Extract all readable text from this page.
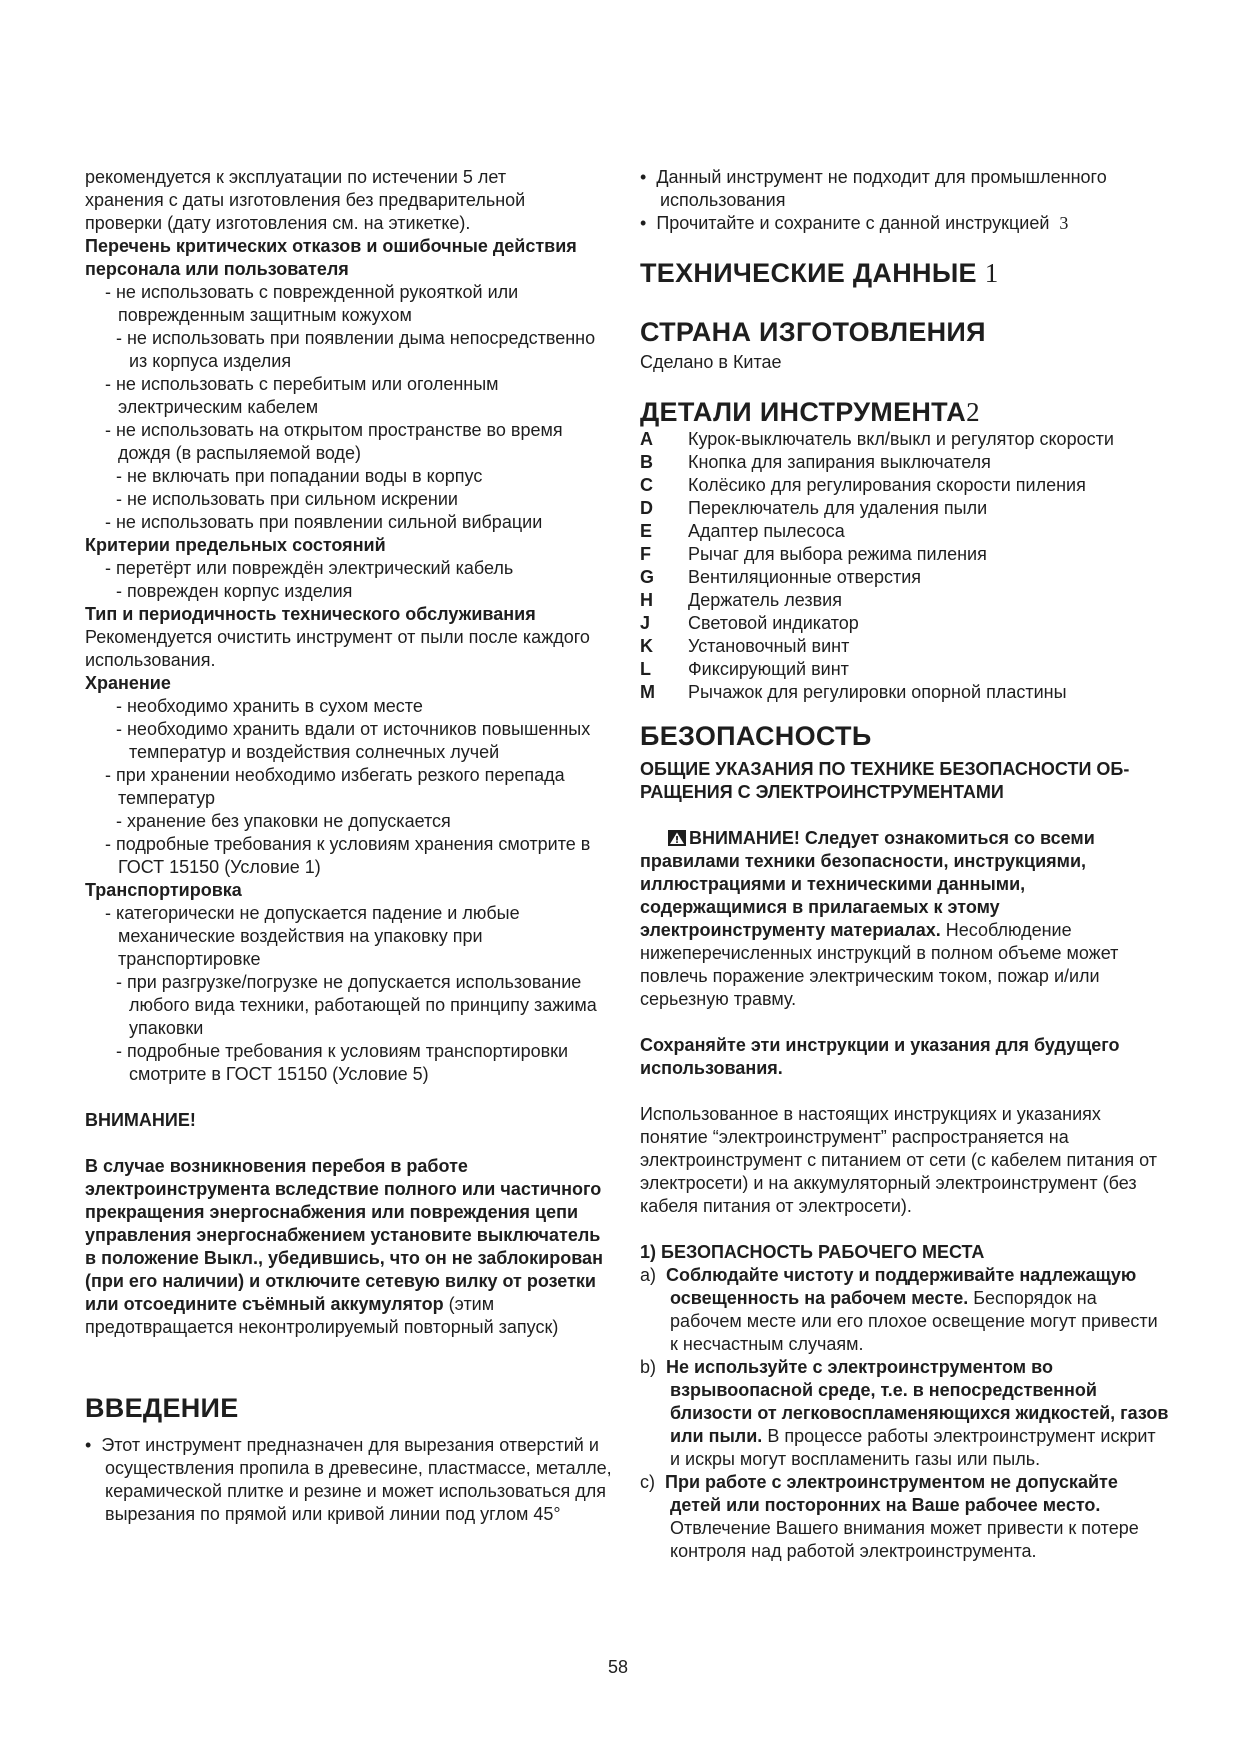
рекомендуется к эксплуатации по истечении 5 лет

хранения с даты изготовления без предварительной

проверки (дату изготовления см. на этикетке).

Перечень критических отказов и ошибочные действия персонала или пользователя

- не использовать с поврежденной рукояткой или поврежденным защитным кожухом

- не использовать при появлении дыма непосредственно из корпуса изделия

- не использовать с перебитым или оголенным электрическим кабелем

- не использовать на открытом пространстве во время дождя (в распыляемой воде)

- не включать при попадании воды в корпус

- не использовать при сильном искрении

- не использовать при появлении сильной вибрации

Критерии предельных состояний

- перетёрт или повреждён электрический кабель

- поврежден корпус изделия

Тип и периодичность технического обслуживания

Рекомендуется очистить инструмент от пыли после каждого использования.

Хранение

- необходимо хранить в сухом месте

- необходимо хранить вдали от источников повышенных температур и воздействия солнечных лучей

- при хранении необходимо избегать резкого перепада температур

- хранение без упаковки не допускается

- подробные требования к условиям хранения смотрите в ГОСТ 15150 (Условие 1)

Транспортировка

- категорически не допускается падение и любые механические воздействия на упаковку при транспортировке

- при разгрузке/погрузке не допускается использование любого вида техники, работающей по принципу зажима упаковки

- подробные требования к условиям транспортировки смотрите в ГОСТ 15150 (Условие 5)

ВНИМАНИЕ!

В случае возникновения перебоя в работе электроинструмента вследствие полного или частичного прекращения энергоснабжения или повреждения цепи управления энергоснабжением установите выключатель в положение Выкл., убедившись, что он не заблокирован (при его наличии) и отключите сетевую вилку от розетки или отсоедините съёмный аккумулятор (этим предотвращается неконтролируемый повторный запуск)

ВВЕДЕНИЕ

•  Этот инструмент предназначен для вырезания отверстий и осуществления пропила в древесине, пластмассе, металле, керамической плитке и резине и может использоваться для вырезания по прямой или кривой линии под углом 45°

•  Данный инструмент не подходит для промышленного использования

•  Прочитайте и сохраните с данной инструкцией 3

ТЕХНИЧЕСКИЕ ДАННЫЕ 1

СТРАНА ИЗГОТОВЛЕНИЯ

Сделано в Китае

ДЕТАЛИ ИНСТРУМЕНТА2

A	Курок-выключатель вкл/выкл и регулятор скорости
B	Кнопка для запирания выключателя
C	Колёсико для регулирования скорости пиления
D	Переключатель для удаления пыли
E	Адаптер пылесоса
F	Рычаг для выбора режима пиления
G	Вентиляционные отверстия
H	Держатель лезвия
J	Световой индикатор
K	Установочный винт
L	Фиксирующий винт
M	Рычажок для регулировки опорной пластины

БЕЗОПАСНОСТЬ

ОБЩИЕ УКАЗАНИЯ ПО ТЕХНИКЕ БЕЗОПАСНОСТИ ОБ- РАЩЕНИЯ С ЭЛЕКТРОИНСТРУМЕНТАМИ

ВНИМАНИЕ! Следует ознакомиться со всеми правилами техники безопасности, инструкциями, иллюстрациями и техническими данными, содержащимися в прилагаемых к этому электроинструменту материалах. Несоблюдение нижеперечисленных инструкций в полном объеме может повлечь поражение электрическим током, пожар и/или серьезную травму.

Сохраняйте эти инструкции и указания для будущего использования.

Использованное в настоящих инструкциях и указаниях понятие “электроинструмент” распространяется на электроинструмент с питанием от сети (с кабелем питания от электросети) и на аккумуляторный электроинструмент (без кабеля питания от электросети).

1) БЕЗОПАСНОСТЬ РАБОЧЕГО МЕСТА

a) Соблюдайте чистоту и поддерживайте надлежащую освещенность на рабочем месте. Беспорядок на рабочем месте или его плохое освещение могут привести к несчастным случаям.
b) Не используйте с электроинструментом во взрывоопасной среде, т.е. в непосредственной близости от легковоспламеняющихся жидкостей, газов или пыли. В процессе работы электроинструмент искрит и искры могут воспламенить газы или пыль.
c) При работе с электроинструментом не допускайте детей или посторонних на Ваше рабочее место. Отвлечение Вашего внимания может привести к потере контроля над работой электроинструмента.
58
